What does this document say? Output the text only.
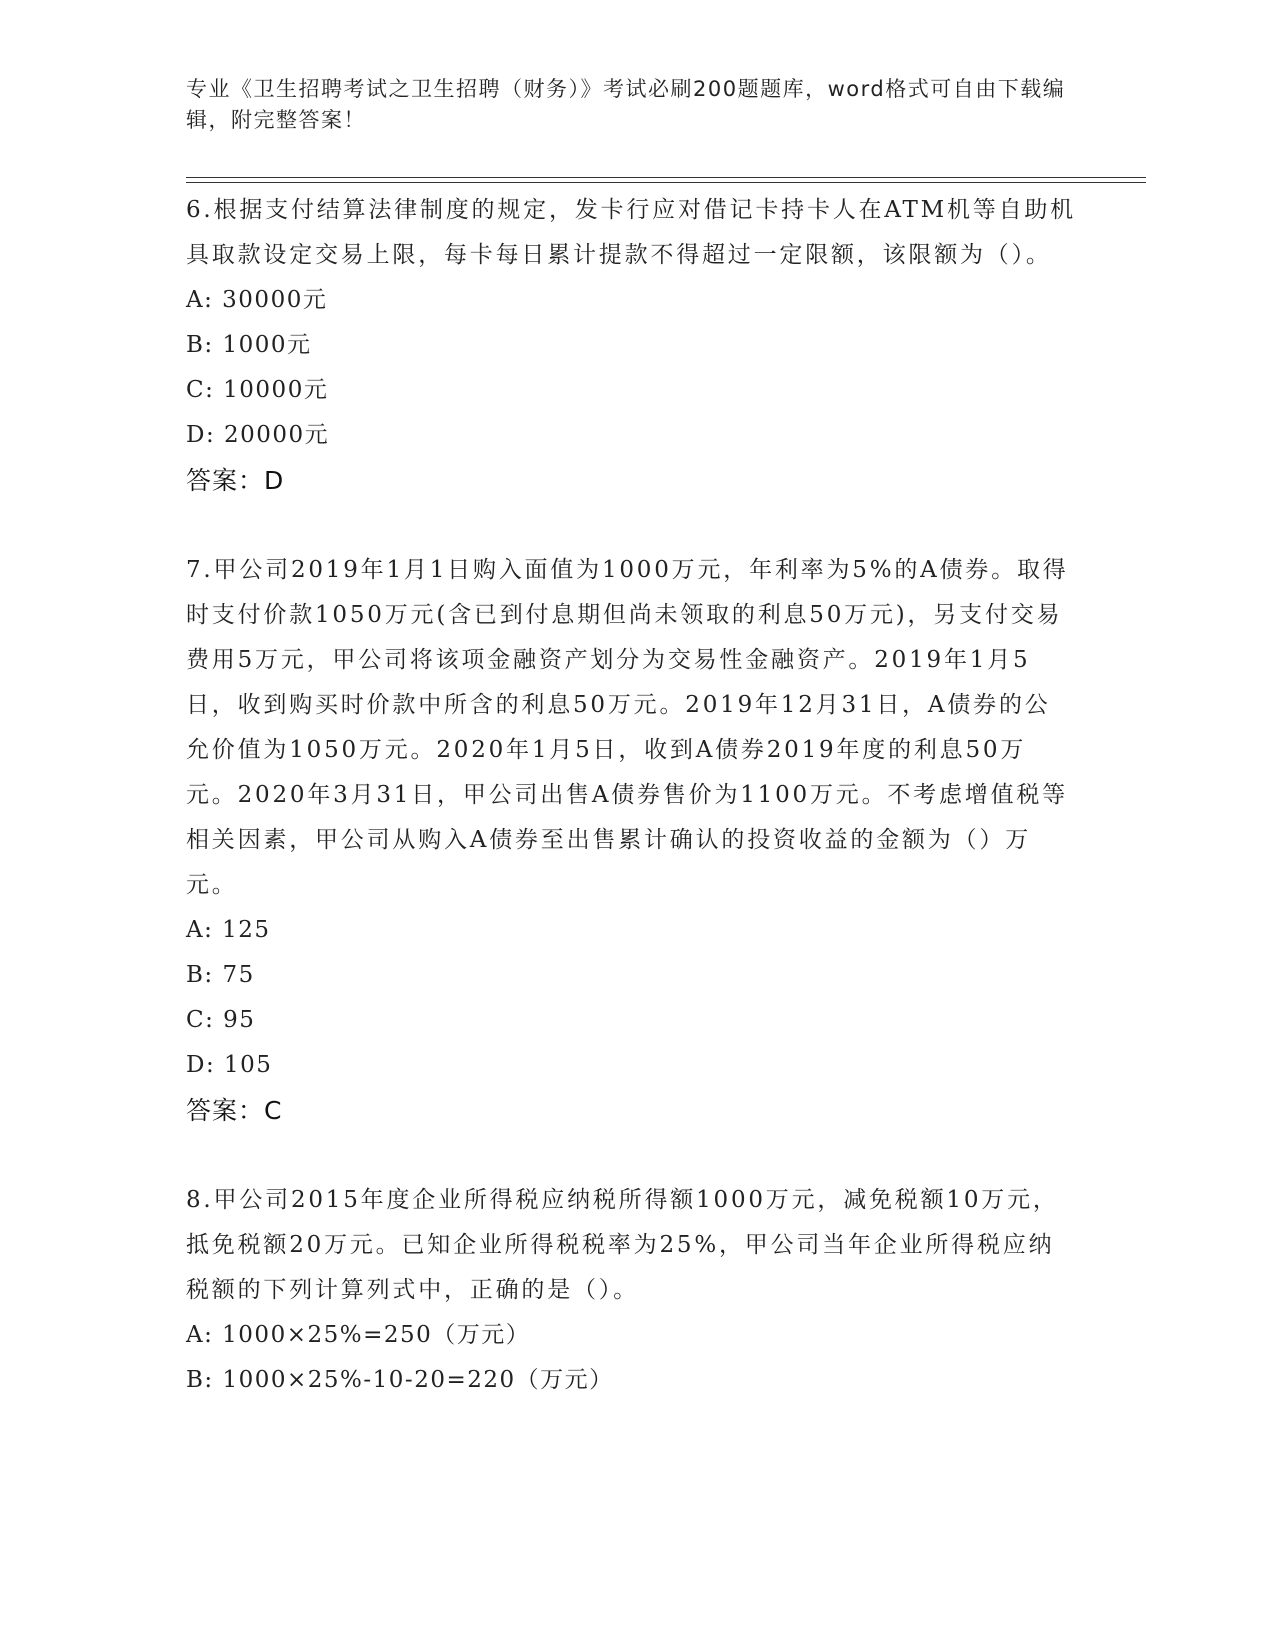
专业《卫生招聘考试之卫生招聘（财务）》考试必刷200题题库，word格式可自由下载编辑，附完整答案！

6.根据支付结算法律制度的规定，发卡行应对借记卡持卡人在ATM机等自助机具取款设定交易上限，每卡每日累计提款不得超过一定限额，该限额为（）。

A: 30000元

B: 1000元

C: 10000元

D: 20000元

答案：D

7.甲公司2019年1月1日购入面值为1000万元，年利率为5%的A债券。取得时支付价款1050万元(含已到付息期但尚未领取的利息50万元)，另支付交易费用5万元，甲公司将该项金融资产划分为交易性金融资产。2019年1月5日，收到购买时价款中所含的利息50万元。2019年12月31日，A债券的公允价值为1050万元。2020年1月5日，收到A债券2019年度的利息50万元。2020年3月31日，甲公司出售A债券售价为1100万元。不考虑增值税等相关因素，甲公司从购入A债券至出售累计确认的投资收益的金额为（）万元。

A: 125

B: 75

C: 95

D: 105

答案：C

8.甲公司2015年度企业所得税应纳税所得额1000万元，减免税额10万元，抵免税额20万元。已知企业所得税税率为25%，甲公司当年企业所得税应纳税额的下列计算列式中，正确的是（）。

A: 1000×25%=250（万元）

B: 1000×25%-10-20=220（万元）
